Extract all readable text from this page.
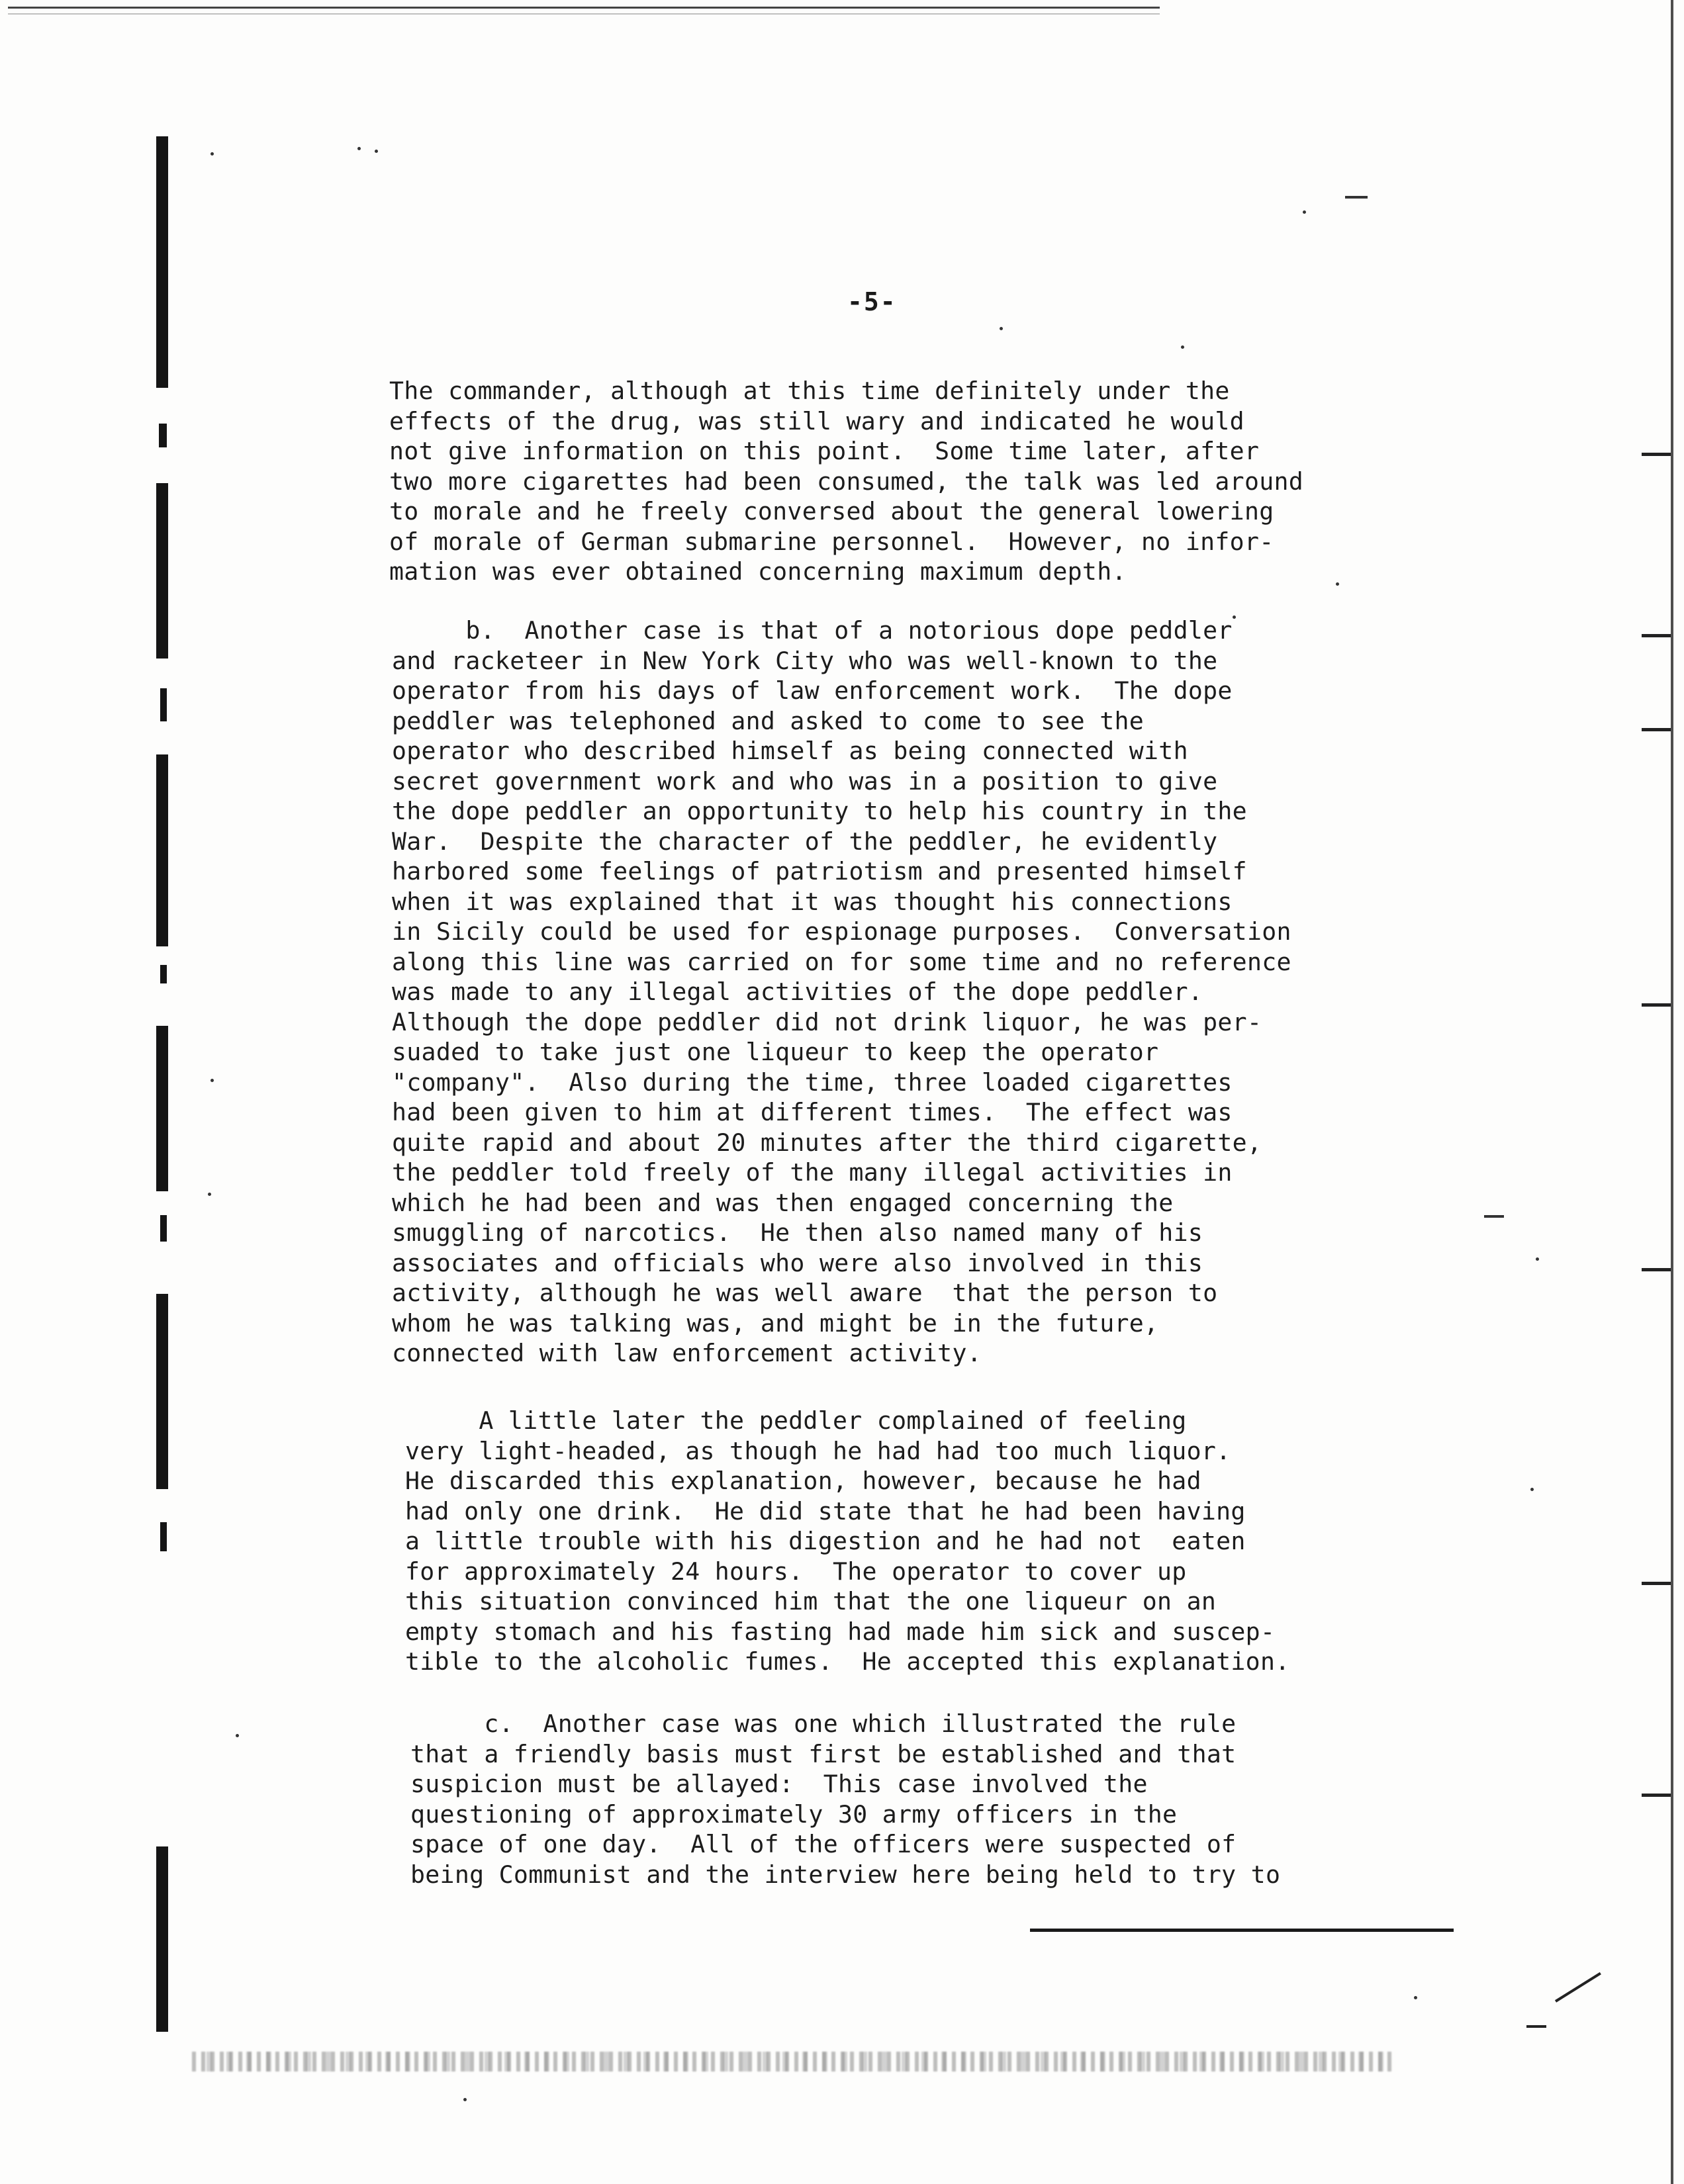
-5-
The commander, although at this time definitely under the
effects of the drug, was still wary and indicated he would
not give information on this point.  Some time later, after
two more cigarettes had been consumed, the talk was led around
to morale and he freely conversed about the general lowering
of morale of German submarine personnel.  However, no infor-
mation was ever obtained concerning maximum depth.
b.  Another case is that of a notorious dope peddler
and racketeer in New York City who was well-known to the
operator from his days of law enforcement work.  The dope
peddler was telephoned and asked to come to see the
operator who described himself as being connected with
secret government work and who was in a position to give
the dope peddler an opportunity to help his country in the
War.  Despite the character of the peddler, he evidently
harbored some feelings of patriotism and presented himself
when it was explained that it was thought his connections
in Sicily could be used for espionage purposes.  Conversation
along this line was carried on for some time and no reference
was made to any illegal activities of the dope peddler.
Although the dope peddler did not drink liquor, he was per-
suaded to take just one liqueur to keep the operator
"company".  Also during the time, three loaded cigarettes
had been given to him at different times.  The effect was
quite rapid and about 20 minutes after the third cigarette,
the peddler told freely of the many illegal activities in
which he had been and was then engaged concerning the
smuggling of narcotics.  He then also named many of his
associates and officials who were also involved in this
activity, although he was well aware  that the person to
whom he was talking was, and might be in the future,
connected with law enforcement activity.
A little later the peddler complained of feeling
very light-headed, as though he had had too much liquor.
He discarded this explanation, however, because he had
had only one drink.  He did state that he had been having
a little trouble with his digestion and he had not  eaten
for approximately 24 hours.  The operator to cover up
this situation convinced him that the one liqueur on an
empty stomach and his fasting had made him sick and suscep-
tible to the alcoholic fumes.  He accepted this explanation.
c.  Another case was one which illustrated the rule
that a friendly basis must first be established and that
suspicion must be allayed:  This case involved the
questioning of approximately 30 army officers in the
space of one day.  All of the officers were suspected of
being Communist and the interview here being held to try to
